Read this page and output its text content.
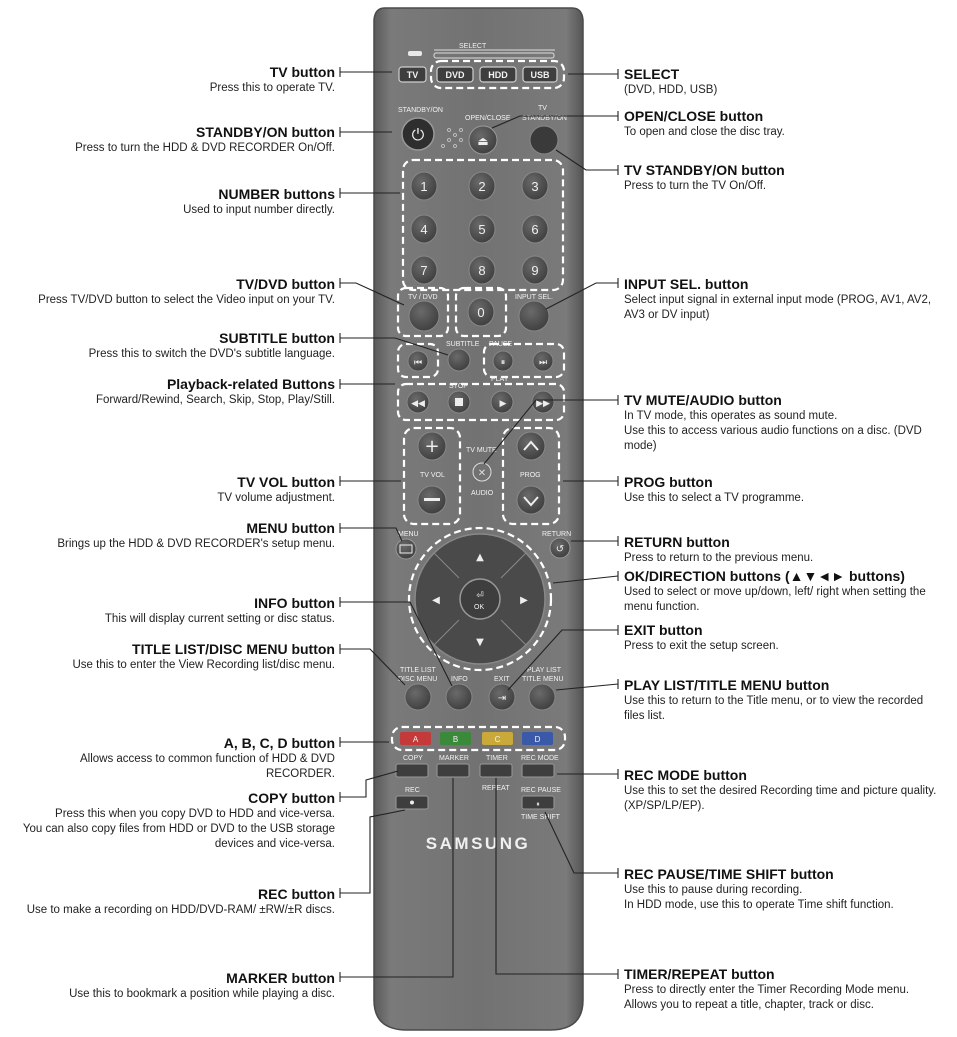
SELECT
TV	DVD	HDD	USB
STANDBY/ON
⏻
OPEN/CLOSE
⏏
TV
STANDBY/ON
1	2	3
4	5	6
7	8	9
0
TV / DVD	INPUT SEL.
SUBTITLE PAUSE
⏮	⏸	⏭
STOP
PLAY
◀◀	▶	▶▶
+
TV VOL
TV MUTE
✕
AUDIO
PROG
MENU	RETURN
↺
▲
▼
◀	▶
OK
⏎
TITLE LIST
DISC MENU INFO	EXIT
⇥
PLAY LIST
TITLE MENU
A	B	C	D
COPY MARKER TIMER
REPEAT
REC MODE
REC	REC PAUSE
⏸
TIME SHIFT
SAMSUNG
TV button
Press this to operate TV.
STANDBY/ON button
Press to turn the HDD & DVD RECORDER On/Off.
NUMBER buttons
Used to input number directly.
TV/DVD button
Press TV/DVD button to select the Video input on your TV.
SUBTITLE button
Press this to switch the DVD's subtitle language.
Playback-related Buttons
Forward/Rewind, Search, Skip, Stop, Play/Still.
TV VOL button
TV volume adjustment.
MENU button
Brings up the HDD & DVD RECORDER's setup menu.
INFO button
This will display current setting or disc status.
TITLE LIST/DISC MENU button
Use this to enter the View Recording list/disc menu.
A, B, C, D button
Allows access to common function of HDD & DVD RECORDER.
COPY button
Press this when you copy DVD to HDD and vice-versa.
You can also copy files from HDD or DVD to the USB storage devices and vice-versa.
REC button
Use to make a recording on HDD/DVD-RAM/ ±RW/±R discs.
MARKER button
Use this to bookmark a position while playing a disc.
SELECT
(DVD, HDD, USB)
OPEN/CLOSE button
To open and close the disc tray.
TV STANDBY/ON button
Press to turn the TV On/Off.
INPUT SEL. button
Select input signal in external input mode (PROG, AV1, AV2, AV3 or DV input)
TV MUTE/AUDIO button
In TV mode, this operates as sound mute.
Use this to access various audio functions on a disc. (DVD mode)
PROG button
Use this to select a TV programme.
RETURN button
Press to return to the previous menu.
OK/DIRECTION buttons (▲▼◄► buttons)
Used to select or move up/down, left/ right when setting the menu function.
EXIT button
Press to exit the setup screen.
PLAY LIST/TITLE MENU button
Use this to return to the Title menu, or to view the recorded files list.
REC MODE button
Use this to set the desired Recording time and picture quality. (XP/SP/LP/EP).
REC PAUSE/TIME SHIFT button
Use this to pause during recording.
In HDD mode, use this to operate Time shift function.
TIMER/REPEAT button
Press to directly enter the Timer Recording Mode menu.
Allows you to repeat a title, chapter, track or disc.
